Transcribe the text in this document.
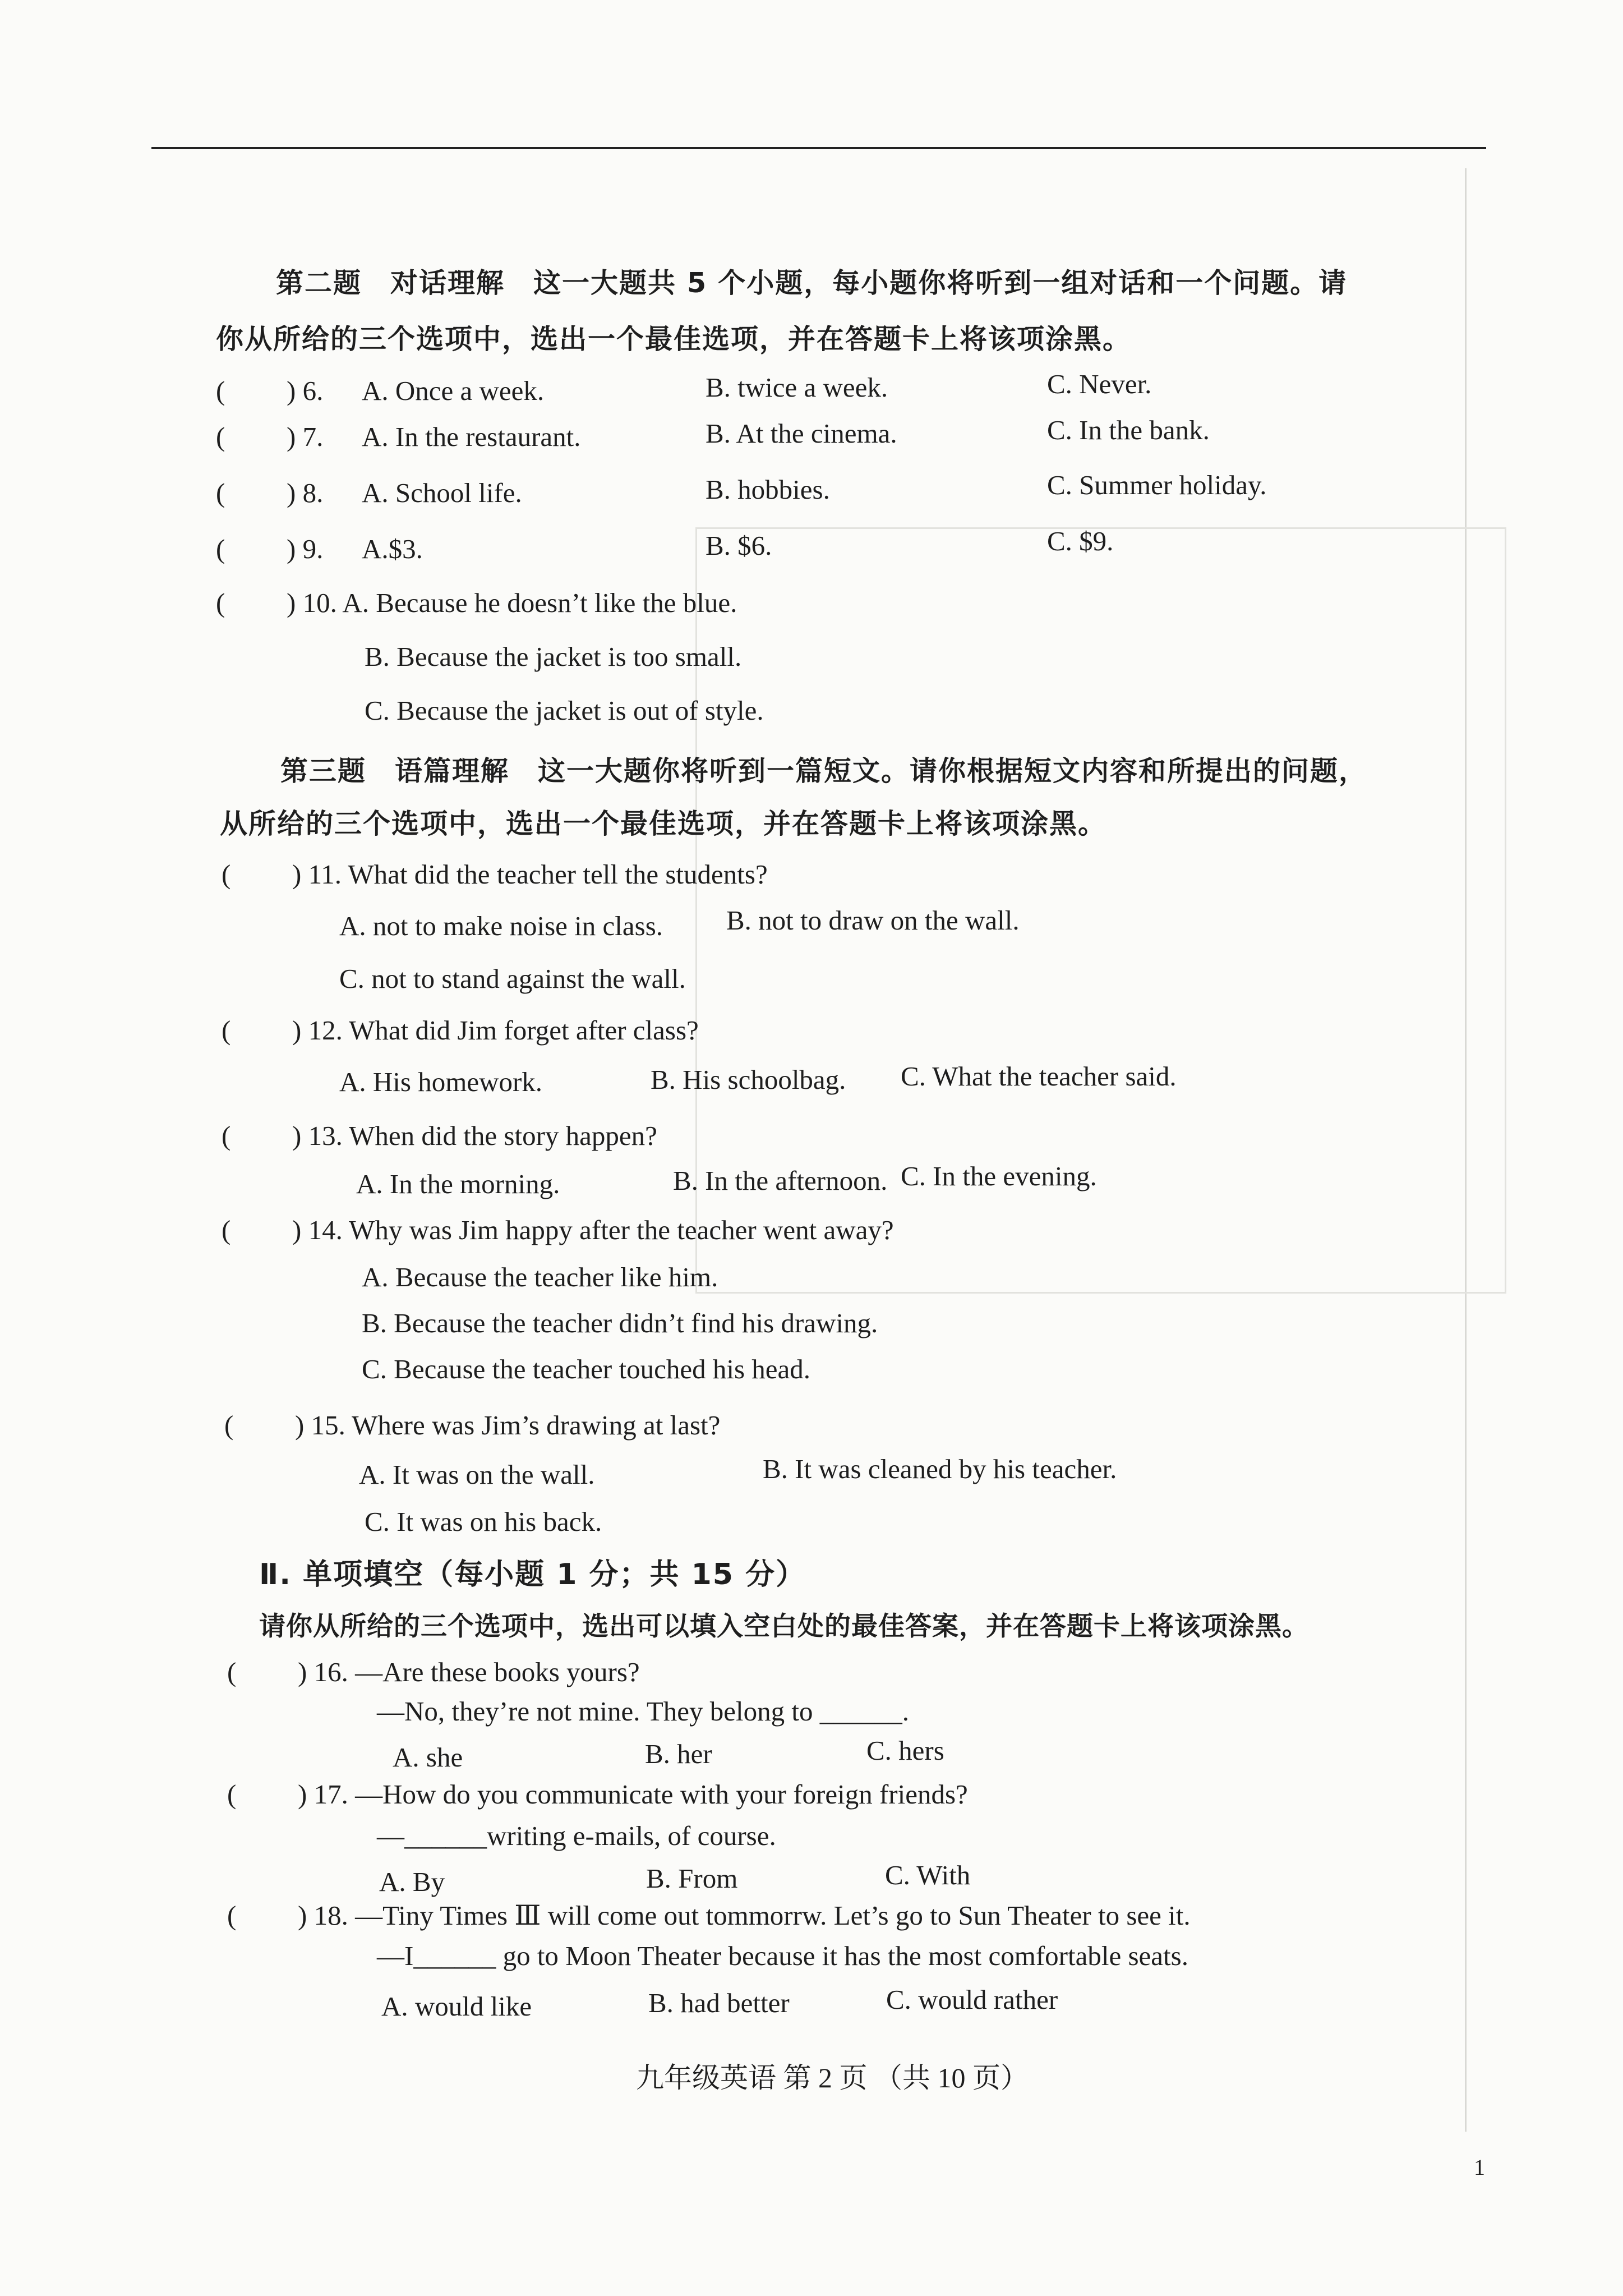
第二题　对话理解　这一大题共 5 个小题，每小题你将听到一组对话和一个问题。请
你从所给的三个选项中，选出一个最佳选项，并在答题卡上将该项涂黑。
( ) 6. A. Once a week.	B. twice a week.	C. Never.
( ) 7. A. In the restaurant.	B. At the cinema.	C. In the bank.
( ) 8. A. School life.	B. hobbies.	C. Summer holiday.
( ) 9. A.$3.	B. $6.	C. $9.
( ) 10. A. Because he doesn’t like the blue.
B. Because the jacket is too small.
C. Because the jacket is out of style.
第三题　语篇理解　这一大题你将听到一篇短文。请你根据短文内容和所提出的问题，
从所给的三个选项中，选出一个最佳选项，并在答题卡上将该项涂黑。
( ) 11. What did the teacher tell the students?
A. not to make noise in class. B. not to draw on the wall.
C. not to stand against the wall.
( ) 12. What did Jim forget after class?
A. His homework.	B. His schoolbag. C. What the teacher said.
( ) 13. When did the story happen?
A. In the morning.	B. In the afternoon. C. In the evening.
( ) 14. Why was Jim happy after the teacher went away?
A. Because the teacher like him.
B. Because the teacher didn’t find his drawing.
C. Because the teacher touched his head.
( ) 15. Where was Jim’s drawing at last?
A. It was on the wall.	B. It was cleaned by his teacher.
C. It was on his back.
Ⅱ. 单项填空（每小题 1 分；共 15 分）
请你从所给的三个选项中，选出可以填入空白处的最佳答案，并在答题卡上将该项涂黑。
( ) 16. —Are these books yours?
—No, they’re not mine. They belong to ______.
A. she	B. her	C. hers
( ) 17. —How do you communicate with your foreign friends?
—______writing e-mails, of course.
A. By	B. From	C. With
( ) 18. —Tiny Times Ⅲ will come out tommorrw. Let’s go to Sun Theater to see it.
—I______ go to Moon Theater because it has the most comfortable seats.
A. would like	B. had better	C. would rather
九年级英语 第 2 页 （共 10 页）
1
